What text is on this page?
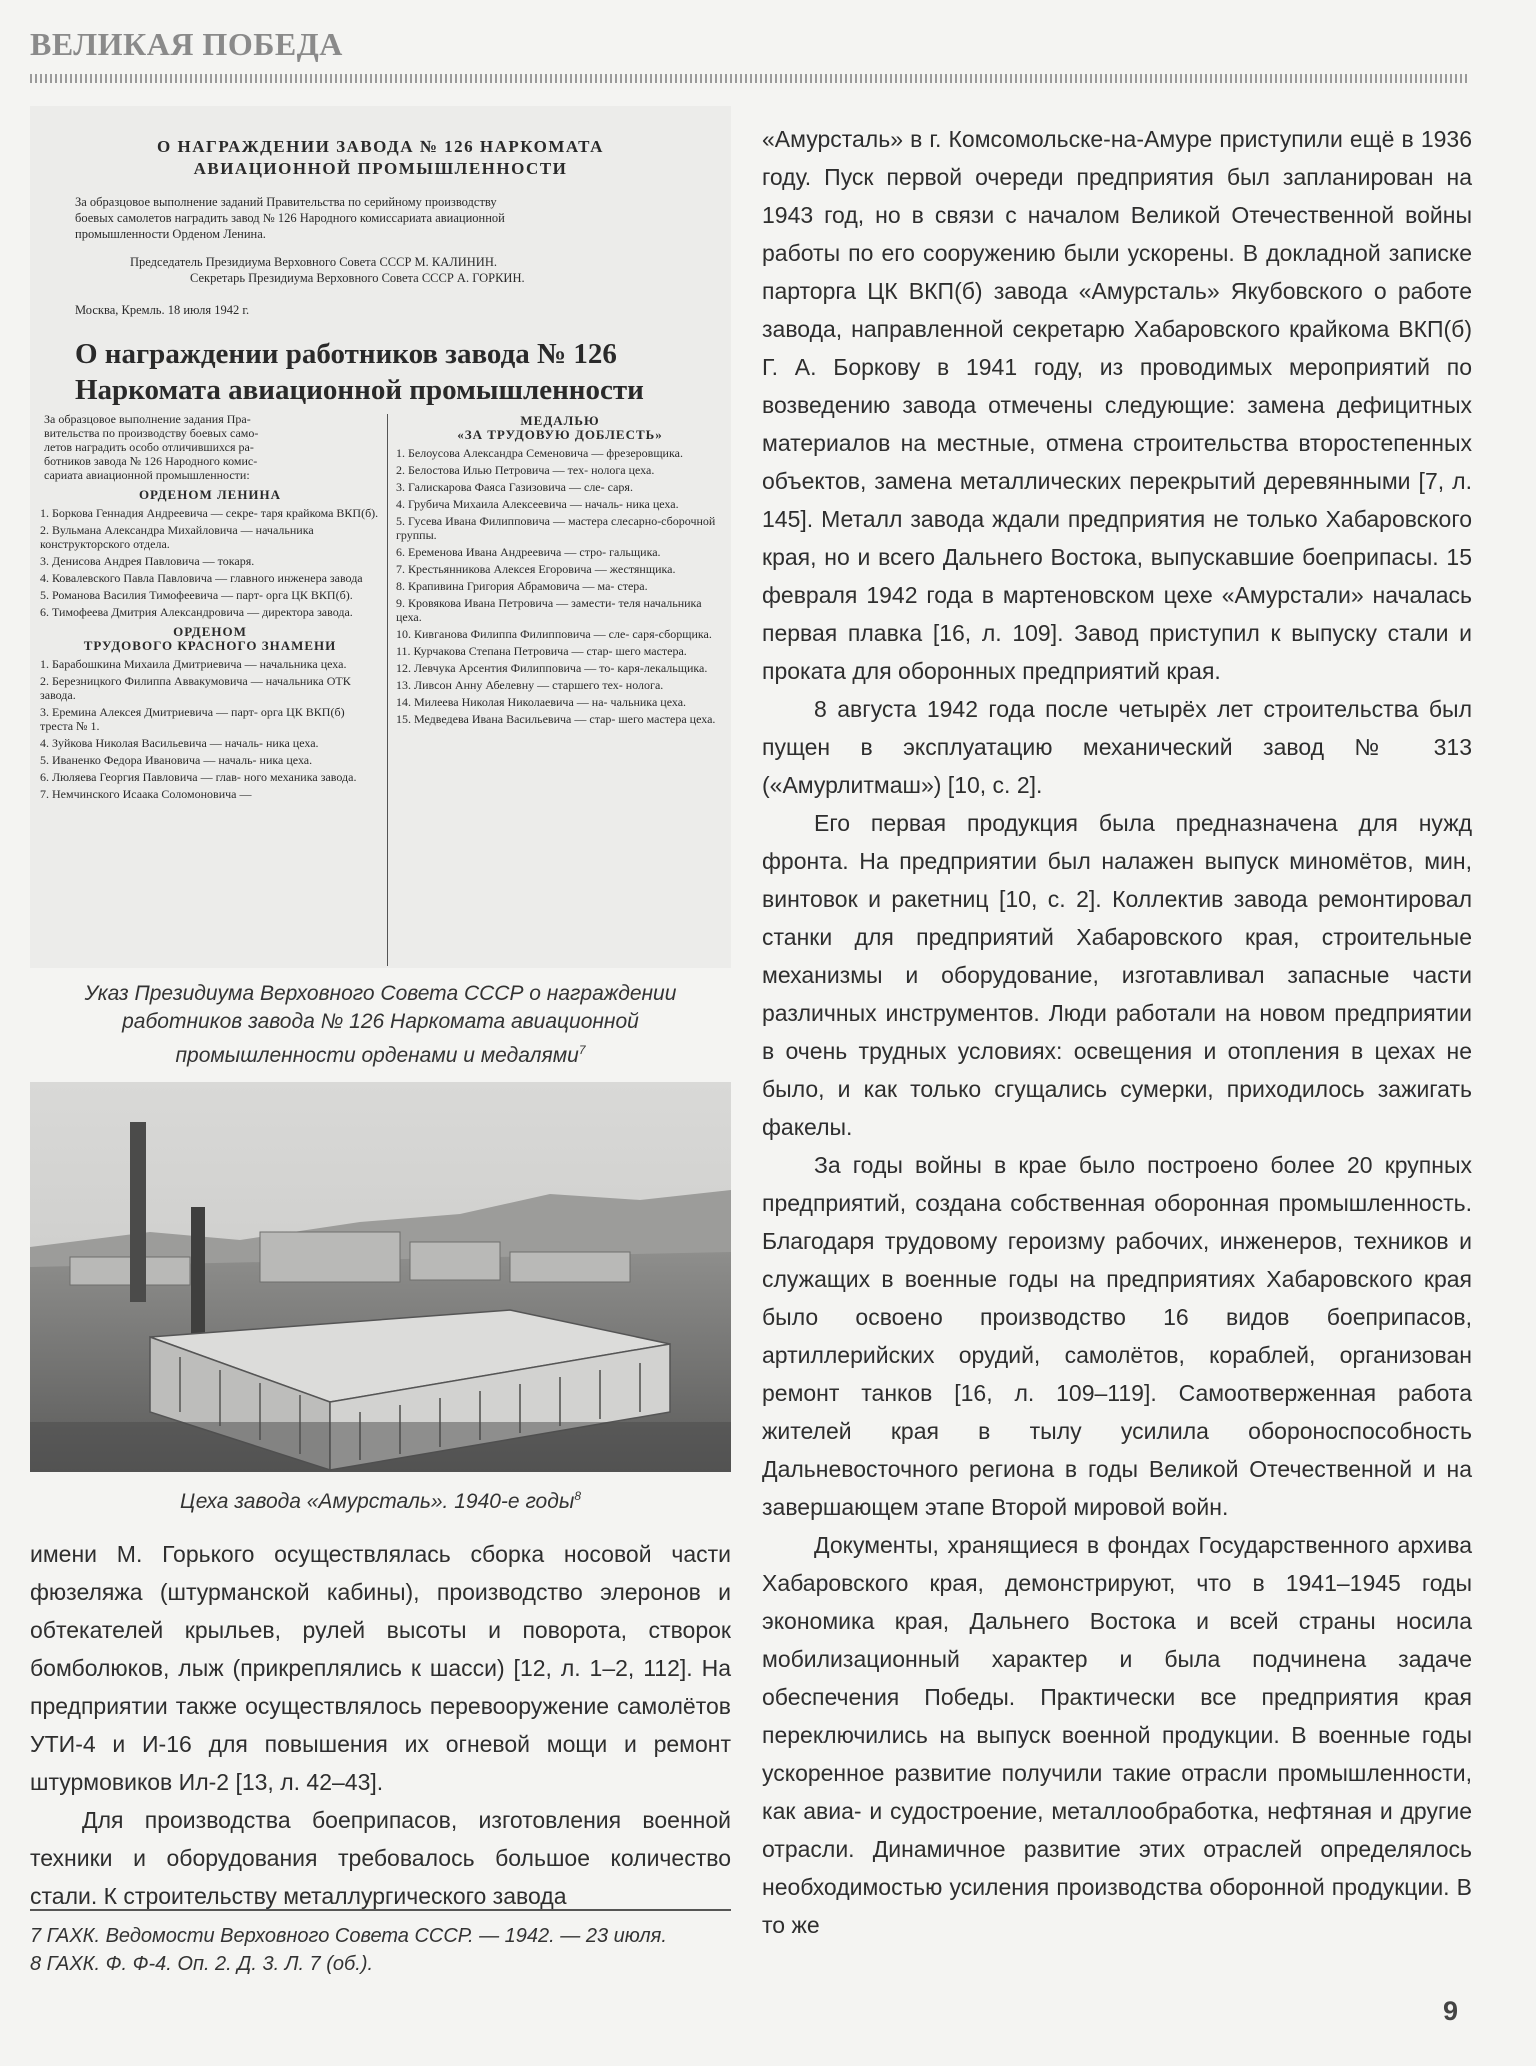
ВЕЛИКАЯ ПОБЕДА
О НАГРАЖДЕНИИ ЗАВОДА № 126 НАРКОМАТА
АВИАЦИОННОЙ ПРОМЫШЛЕННОСТИ
За образцовое выполнение заданий Правительства по серийному производству
боевых самолетов наградить завод № 126 Народного комиссариата авиационной
промышленности Орденом Ленина.
Председатель Президиума Верховного Совета СССР М. КАЛИНИН.
Секретарь Президиума Верховного Совета СССР А. ГОРКИН.
Москва, Кремль. 18 июля 1942 г.
О награждении работников завода № 126
Наркомата авиационной промышленности
За образцовое выполнение задания Пра-
вительства по производству боевых само-
летов наградить особо отличившихся ра-
ботников завода № 126 Народного комис-
сариата авиационной промышленности:
ОРДЕНОМ ЛЕНИНА
1. Боркова Геннадия Андреевича — секре- таря крайкома ВКП(б).
2. Вульмана Александра Михайловича — начальника конструкторского отдела.
3. Денисова Андрея Павловича — токаря.
4. Ковалевского Павла Павловича — главного инженера завода
5. Романова Василия Тимофеевича — парт- орга ЦК ВКП(б).
6. Тимофеева Дмитрия Александровича — директора завода.
ОРДЕНОМ
ТРУДОВОГО КРАСНОГО ЗНАМЕНИ
1. Барабошкина Михаила Дмитриевича — начальника цеха.
2. Березницкого Филиппа Аввакумовича — начальника ОТК завода.
3. Еремина Алексея Дмитриевича — парт- орга ЦК ВКП(б) треста № 1.
4. Зуйкова Николая Васильевича — началь- ника цеха.
5. Иваненко Федора Ивановича — началь- ника цеха.
6. Люляева Георгия Павловича — глав- ного механика завода.
7. Немчинского Исаака Соломоновича —
МЕДАЛЬЮ
«ЗА ТРУДОВУЮ ДОБЛЕСТЬ»
1. Белоусова Александра Семеновича — фрезеровщика.
2. Белостова Илью Петровича — тех- нолога цеха.
3. Галискарова Фаяса Газизовича — сле- саря.
4. Грубича Михаила Алексеевича — началь- ника цеха.
5. Гусева Ивана Филипповича — мастера слесарно-сборочной группы.
6. Еременова Ивана Андреевича — стро- гальщика.
7. Крестьянникова Алексея Егоровича — жестянщика.
8. Крапивина Григория Абрамовича — ма- стера.
9. Кровякова Ивана Петровича — замести- теля начальника цеха.
10. Кивганова Филиппа Филипповича — сле- саря-сборщика.
11. Курчакова Степана Петровича — стар- шего мастера.
12. Левчука Арсентия Филипповича — то- каря-лекальщика.
13. Ливсон Анну Абелевну — старшего тех- нолога.
14. Милеева Николая Николаевича — на- чальника цеха.
15. Медведева Ивана Васильевича — стар- шего мастера цеха.
Указ Президиума Верховного Совета СССР о награждении
работников завода № 126 Наркомата авиационной
промышленности орденами и медалями$^7$
Цеха завода «Амурсталь». 1940-е годы$^8$

имени М. Горького осуществлялась сборка носовой части фюзеляжа (штурманской кабины), производство элеронов и обтекателей крыльев, рулей высоты и поворота, створок бомболюков, лыж (прикреплялись к шасси) [12, л. 1–2, 112]. На предприятии также осуществлялось перевооружение самолётов УТИ-4 и И-16 для повышения их огневой мощи и ремонт штурмовиков Ил-2 [13, л. 42–43].

Для производства боеприпасов, изготовления военной техники и оборудования требовалось большое количество стали. К строительству металлургического завода

7 ГАХК. Ведомости Верховного Совета СССР. — 1942. — 23 июля.
8 ГАХК. Ф. Ф-4. Оп. 2. Д. 3. Л. 7 (об.).

«Амурсталь» в г. Комсомольске-на-Амуре приступили ещё в 1936 году. Пуск первой очереди предприятия был запланирован на 1943 год, но в связи с началом Великой Отечественной войны работы по его сооружению были ускорены. В докладной записке парторга ЦК ВКП(б) завода «Амурсталь» Якубовского о работе завода, направленной секретарю Хабаровского крайкома ВКП(б) Г. А. Боркову в 1941 году, из проводимых мероприятий по возведению завода отмечены следующие: замена дефицитных материалов на местные, отмена строительства второстепенных объектов, замена металлических перекрытий деревянными [7, л. 145]. Металл завода ждали предприятия не только Хабаровского края, но и всего Дальнего Востока, выпускавшие боеприпасы. 15 февраля 1942 года в мартеновском цехе «Амурстали» началась первая плавка [16, л. 109]. Завод приступил к выпуску стали и проката для оборонных предприятий края.

8 августа 1942 года после четырёх лет строительства был пущен в эксплуатацию механический завод № 313 («Амурлитмаш») [10, с. 2].

Его первая продукция была предназначена для нужд фронта. На предприятии был налажен выпуск миномётов, мин, винтовок и ракетниц [10, с. 2]. Коллектив завода ремонтировал станки для предприятий Хабаровского края, строительные механизмы и оборудование, изготавливал запасные части различных инструментов. Люди работали на новом предприятии в очень трудных условиях: освещения и отопления в цехах не было, и как только сгущались сумерки, приходилось зажигать факелы.

За годы войны в крае было построено более 20 крупных предприятий, создана собственная оборонная промышленность. Благодаря трудовому героизму рабочих, инженеров, техников и служащих в военные годы на предприятиях Хабаровского края было освоено производство 16 видов боеприпасов, артиллерийских орудий, самолётов, кораблей, организован ремонт танков [16, л. 109–119]. Самоотверженная работа жителей края в тылу усилила обороноспособность Дальневосточного региона в годы Великой Отечественной и на завершающем этапе Второй мировой войн.

Документы, хранящиеся в фондах Государственного архива Хабаровского края, демонстрируют, что в 1941–1945 годы экономика края, Дальнего Востока и всей страны носила мобилизационный характер и была подчинена задаче обеспечения Победы. Практически все предприятия края переключились на выпуск военной продукции. В военные годы ускоренное развитие получили такие отрасли промышленности, как авиа- и судостроение, металлообработка, нефтяная и другие отрасли. Динамичное развитие этих отраслей определялось необходимостью усиления производства оборонной продукции. В то же

9
